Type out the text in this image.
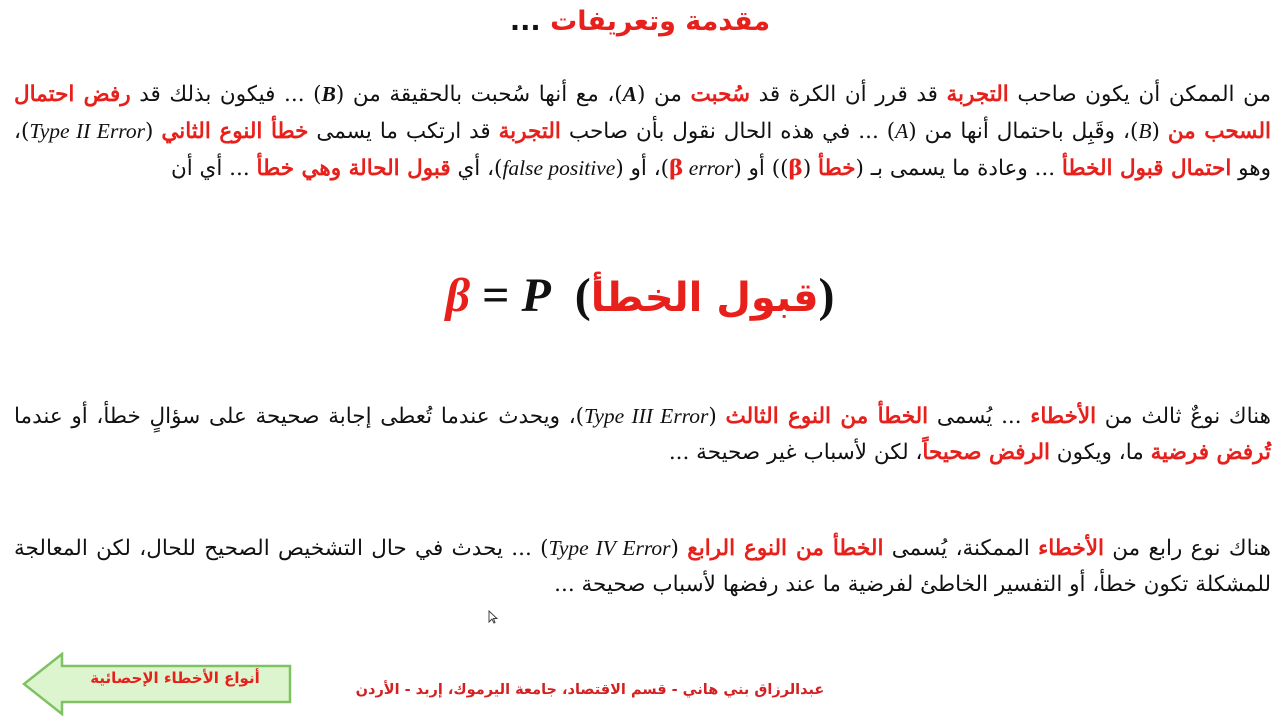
مقدمة وتعريفات ...
من الممكن أن يكون صاحب التجربة قد قرر أن الكرة قد سُحبت من (A)، مع أنها سُحبت بالحقيقة من (B) ... فيكون بذلك قد رفض احتمال السحب من (B)، وقَبِل باحتمال أنها من (A) ... في هذه الحال نقول بأن صاحب التجربة قد ارتكب ما يسمى خطأ النوع الثاني (Type II Error)، وهو احتمال قبول الخطأ ... وعادة ما يسمى بـ (خطأ (β)) أو (β error)، أو (false positive)، أي قبول الحالة وهي خطأ ... أي أن
β = P (قبول الخطأ)
هناك نوعٌ ثالث من الأخطاء ... يُسمى الخطأ من النوع الثالث (Type III Error)، ويحدث عندما تُعطى إجابة صحيحة على سؤالٍ خطأ، أو عندما تُرفض فرضية ما، ويكون الرفض صحيحاً، لكن لأسباب غير صحيحة ...
هناك نوع رابع من الأخطاء الممكنة، يُسمى الخطأ من النوع الرابع (Type IV Error) ... يحدث في حال التشخيص الصحيح للحال، لكن المعالجة للمشكلة تكون خطأ، أو التفسير الخاطئ لفرضية ما عند رفضها لأسباب صحيحة ...
أنواع الأخطاء الإحصائية
عبدالرزاق بني هاني - قسم الاقتصاد، جامعة اليرموك، إربد - الأردن
